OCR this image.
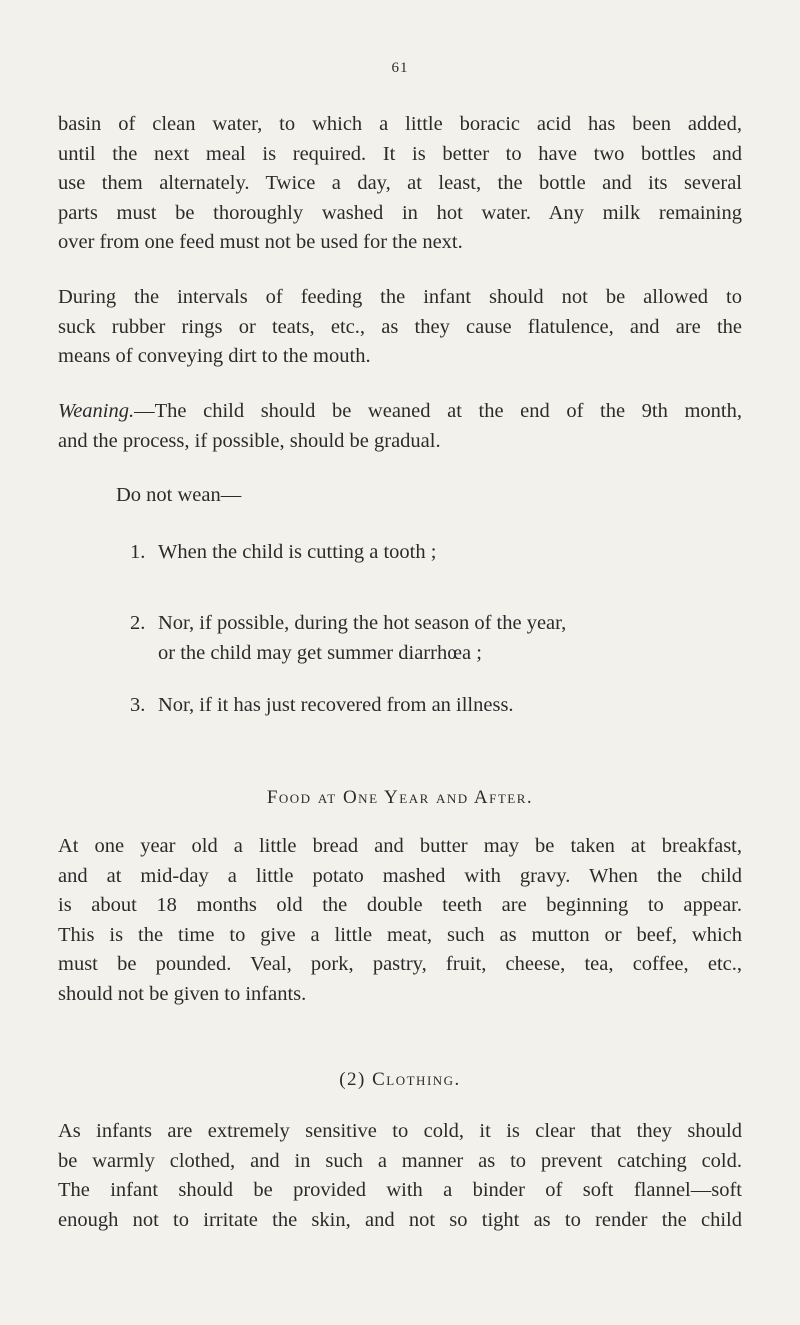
61

basin of clean water, to which a little boracic acid has been added,
until the next meal is required. It is better to have two bottles and
use them alternately. Twice a day, at least, the bottle and its several
parts must be thoroughly washed in hot water. Any milk remaining
over from one feed must not be used for the next.

During the intervals of feeding the infant should not be allowed to
suck rubber rings or teats, etc., as they cause flatulence, and are the
means of conveying dirt to the mouth.

Weaning.—The child should be weaned at the end of the 9th month,
and the process, if possible, should be gradual.

Do not wean—
1. When the child is cutting a tooth ;
2. Nor, if possible, during the hot season of the year,
or the child may get summer diarrhœa ;
3. Nor, if it has just recovered from an illness.
Food at One Year and After.

At one year old a little bread and butter may be taken at breakfast,
and at mid-day a little potato mashed with gravy. When the child
is about 18 months old the double teeth are beginning to appear.
This is the time to give a little meat, such as mutton or beef, which
must be pounded. Veal, pork, pastry, fruit, cheese, tea, coffee, etc.,
should not be given to infants.

(2) Clothing.

As infants are extremely sensitive to cold, it is clear that they should
be warmly clothed, and in such a manner as to prevent catching cold.
The infant should be provided with a binder of soft flannel—soft
enough not to irritate the skin, and not so tight as to render the child
